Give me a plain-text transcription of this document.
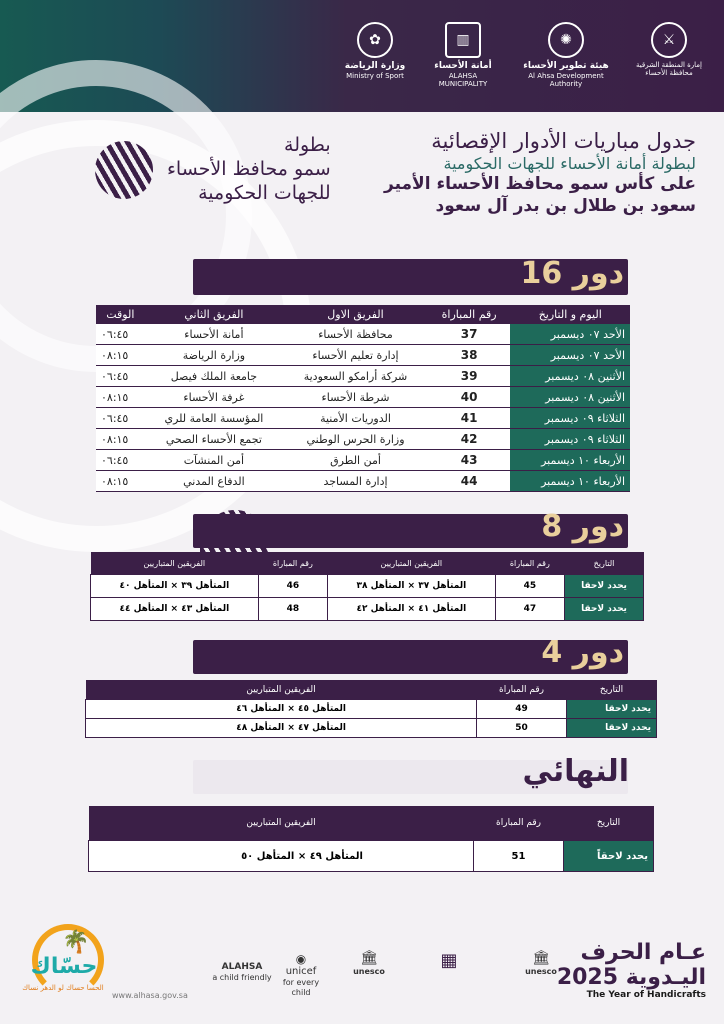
✿
وزارة الرياضة
Ministry of Sport
▥
أمانة الأحساء
ALAHSA MUNICIPALITY
✺
هيئة تطوير الأحساء
Al Ahsa Development Authority
⚔
إمارة المنطقة الشرقية محافظة الأحساء
جدول مباريات الأدوار الإقصائية
لبطولة أمانة الأحساء للجهات الحكومية
على كأس سمو محافظ الأحساء الأمير
سعود بن طلال بن بدر آل سعود
بطولة
سمو محافظ الأحساء
للجهات الحكومية
دور 16
اليوم و التاريخ	رقم المباراة	الفريق الاول	الفريق الثاني	الوقت
الأحد ٠٧ ديسمبر	37	محافظة الأحساء	أمانة الأحساء	٠٦:٤٥
الأحد ٠٧ ديسمبر	38	إدارة تعليم الأحساء	وزارة الرياضة	٠٨:١٥
الأثنين ٠٨ ديسمبر	39	شركة أرامكو السعودية	جامعة الملك فيصل	٠٦:٤٥
الأثنين ٠٨ ديسمبر	40	شرطة الأحساء	غرفة الأحساء	٠٨:١٥
الثلاثاء ٠٩ ديسمبر	41	الدوريات الأمنية	المؤسسة العامة للري	٠٦:٤٥
الثلاثاء ٠٩ ديسمبر	42	وزارة الحرس الوطني	تجمع الأحساء الصحي	٠٨:١٥
الأربعاء ١٠ ديسمبر	43	أمن الطرق	أمن المنشآت	٠٦:٤٥
الأربعاء ١٠ ديسمبر	44	إدارة المساجد	الدفاع المدني	٠٨:١٥
دور 8
التاريخ	رقم المباراة	الفريقين المتباريين	رقم المباراة	الفريقين المتباريين
يحدد لاحقا	45	المتأهل ٣٧ × المتأهل ٣٨	46	المتأهل ٣٩ × المتأهل ٤٠
يحدد لاحقا	47	المتأهل ٤١ × المتأهل ٤٢	48	المتأهل ٤٣ × المتأهل ٤٤
دور 4
التاريخ	رقم المباراة	الفريقين المتباريين
يحدد لاحقا	49	المتأهل ٤٥ × المتأهل ٤٦
يحدد لاحقا	50	المتأهل ٤٧ × المتأهل ٤٨
النهائي
التاريخ	رقم المباراة	الفريقين المتباريين
يحدد لاحقاً	51	المتأهل ٤٩ × المتأهل ٥٠
🌴
حسّاك
الحسا حساك لو الدهر نساك
www.alhasa.gov.sa
ALAHSA
a child friendly
◉
unicef
for every child
🏛
unesco
▦	🏛
unesco
عـام الحرف
اليـدوية 2025
The Year of Handicrafts
